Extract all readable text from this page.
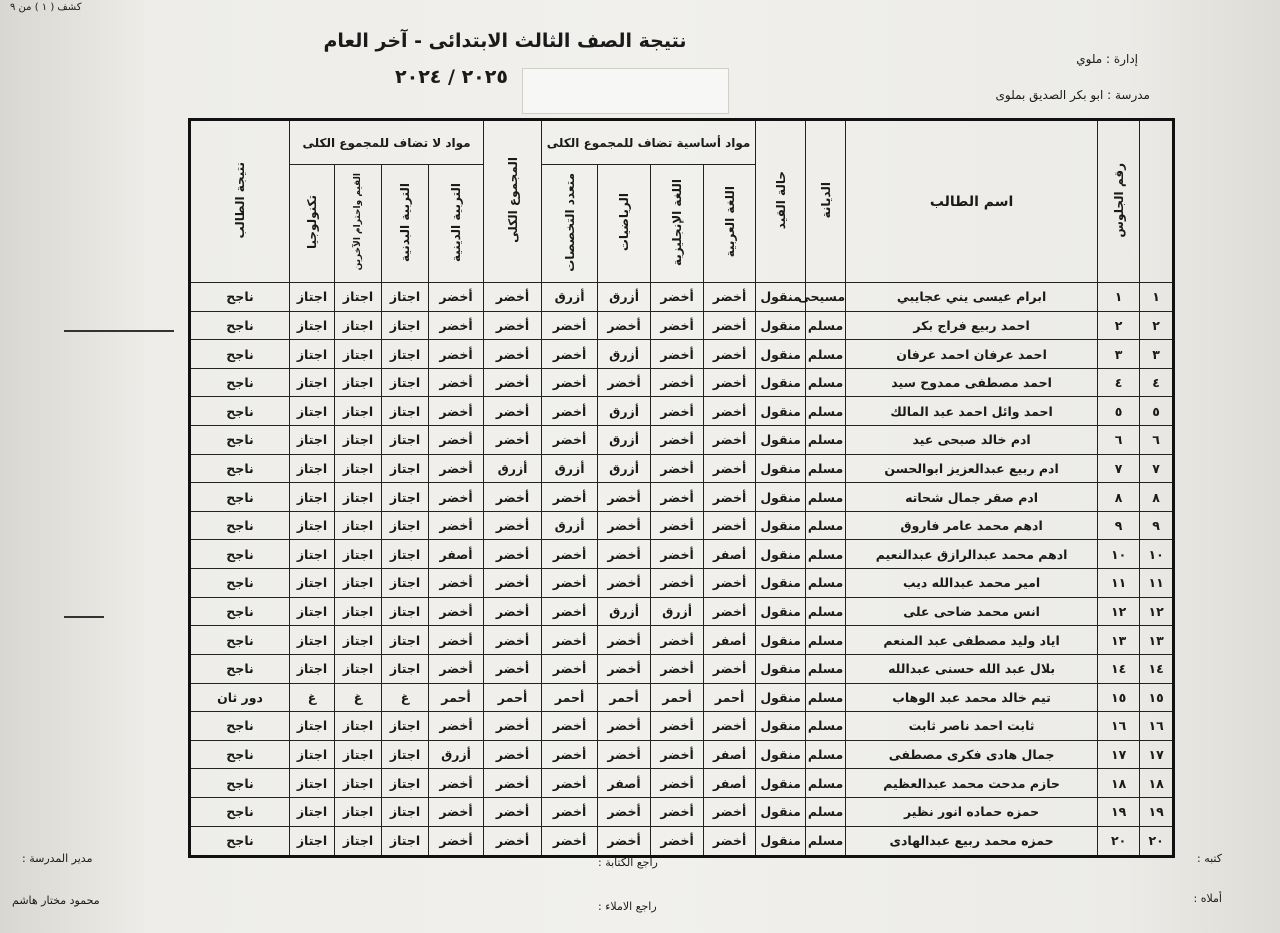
كشف ( ١ ) من ٩
نتيجة الصف الثالث الابتدائى - آخر العام
٢٠٢٥ / ٢٠٢٤
إدارة : ملوي
مدرسة : ابو بكر الصديق بملوى
	رقم الجلوس	اسم الطالب	الديانة	حالة القيد	مواد أساسية تضاف للمجموع الكلى				المجموع الكلى	مواد لا تضاف للمجموع الكلى				نتيجة الطالب
					اللغة العربية	اللغة الإنجليزية	الرياضيات	متعدد التخصصات		التربية الدينية	التربية البدنية	القيم واحترام الآخرين	تكنولوجيا	
١	١	ابرام عيسى يني عجايبي	مسيحى	منقول	أخضر	أخضر	أزرق	أزرق	أخضر	أخضر	اجتاز	اجتاز	اجتاز	ناجح
٢	٢	احمد ربيع فراج بكر	مسلم	منقول	أخضر	أخضر	أخضر	أخضر	أخضر	أخضر	اجتاز	اجتاز	اجتاز	ناجح
٣	٣	احمد عرفان احمد عرفان	مسلم	منقول	أخضر	أخضر	أزرق	أخضر	أخضر	أخضر	اجتاز	اجتاز	اجتاز	ناجح
٤	٤	احمد مصطفى ممدوح سيد	مسلم	منقول	أخضر	أخضر	أخضر	أخضر	أخضر	أخضر	اجتاز	اجتاز	اجتاز	ناجح
٥	٥	احمد وائل احمد عبد المالك	مسلم	منقول	أخضر	أخضر	أزرق	أخضر	أخضر	أخضر	اجتاز	اجتاز	اجتاز	ناجح
٦	٦	ادم خالد صبحى عيد	مسلم	منقول	أخضر	أخضر	أزرق	أخضر	أخضر	أخضر	اجتاز	اجتاز	اجتاز	ناجح
٧	٧	ادم ربيع عبدالعزيز ابوالحسن	مسلم	منقول	أخضر	أخضر	أزرق	أزرق	أزرق	أخضر	اجتاز	اجتاز	اجتاز	ناجح
٨	٨	ادم صقر جمال شحاته	مسلم	منقول	أخضر	أخضر	أخضر	أخضر	أخضر	أخضر	اجتاز	اجتاز	اجتاز	ناجح
٩	٩	ادهم محمد عامر فاروق	مسلم	منقول	أخضر	أخضر	أخضر	أزرق	أخضر	أخضر	اجتاز	اجتاز	اجتاز	ناجح
١٠	١٠	ادهم محمد عبدالرازق عبدالنعيم	مسلم	منقول	أصفر	أخضر	أخضر	أخضر	أخضر	أصفر	اجتاز	اجتاز	اجتاز	ناجح
١١	١١	امير محمد عبدالله ديب	مسلم	منقول	أخضر	أخضر	أخضر	أخضر	أخضر	أخضر	اجتاز	اجتاز	اجتاز	ناجح
١٢	١٢	انس محمد ضاحى على	مسلم	منقول	أخضر	أزرق	أزرق	أخضر	أخضر	أخضر	اجتاز	اجتاز	اجتاز	ناجح
١٣	١٣	اياد وليد مصطفى عبد المنعم	مسلم	منقول	أصفر	أخضر	أخضر	أخضر	أخضر	أخضر	اجتاز	اجتاز	اجتاز	ناجح
١٤	١٤	بلال عبد الله حسنى عبدالله	مسلم	منقول	أخضر	أخضر	أخضر	أخضر	أخضر	أخضر	اجتاز	اجتاز	اجتاز	ناجح
١٥	١٥	تيم خالد محمد عبد الوهاب	مسلم	منقول	أحمر	أحمر	أحمر	أحمر	أحمر	أحمر	غ	غ	غ	دور ثان
١٦	١٦	ثابت احمد ناصر ثابت	مسلم	منقول	أخضر	أخضر	أخضر	أخضر	أخضر	أخضر	اجتاز	اجتاز	اجتاز	ناجح
١٧	١٧	جمال هادى فكرى مصطفى	مسلم	منقول	أصفر	أخضر	أخضر	أخضر	أخضر	أزرق	اجتاز	اجتاز	اجتاز	ناجح
١٨	١٨	حازم مدحت محمد عبدالعظيم	مسلم	منقول	أصفر	أخضر	أصفر	أخضر	أخضر	أخضر	اجتاز	اجتاز	اجتاز	ناجح
١٩	١٩	حمزه حماده انور نظير	مسلم	منقول	أخضر	أخضر	أخضر	أخضر	أخضر	أخضر	اجتاز	اجتاز	اجتاز	ناجح
٢٠	٢٠	حمزه محمد ربيع عبدالهادى	مسلم	منقول	أخضر	أخضر	أخضر	أخضر	أخضر	أخضر	اجتاز	اجتاز	اجتاز	ناجح
كتبه :
أملاه :
راجع الكتابة :
راجع الاملاء :
مدير المدرسة :
محمود مختار هاشم
